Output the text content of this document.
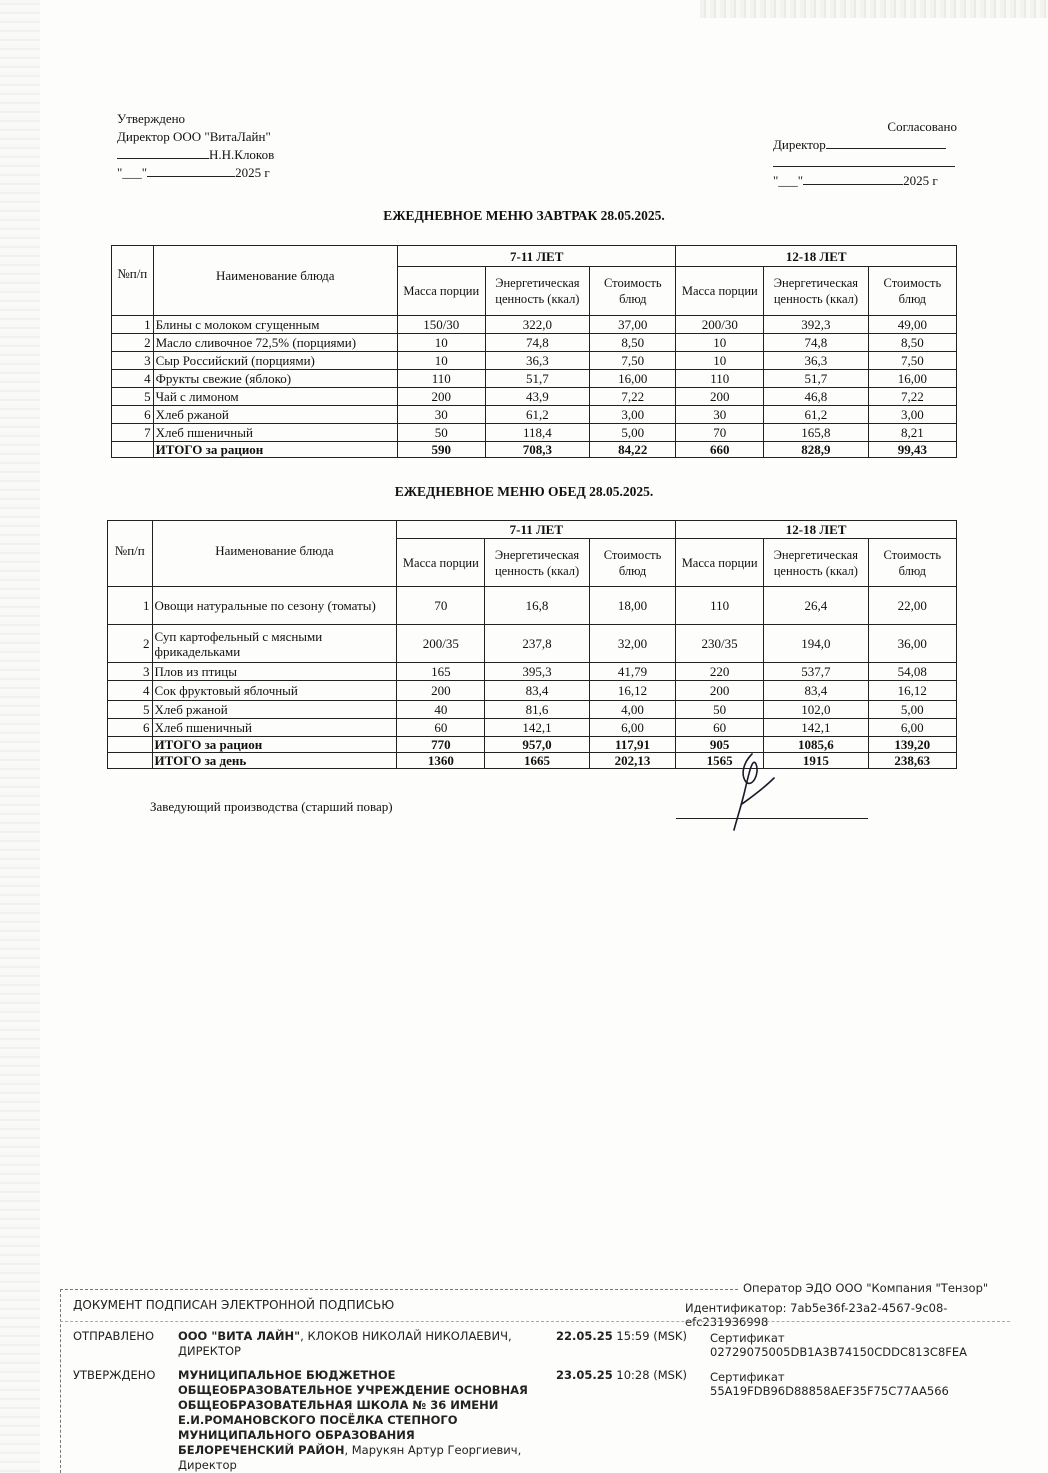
Утверждено
Директор ООО "ВитаЛайн"
Н.Н.Клоков
"___"	2025 г
Согласовано
Директор
"___"	2025 г
ЕЖЕДНЕВНОЕ МЕНЮ ЗАВТРАК 28.05.2025.
№п/п	Наименование блюда	7-11 ЛЕТ			12-18 ЛЕТ		
		Масса порции	Энергетическая ценность (ккал)	Стоимость блюд	Масса порции	Энергетическая ценность (ккал)	Стоимость блюд
1	Блины с молоком сгущенным	150/30	322,0	37,00	200/30	392,3	49,00
2	Масло сливочное 72,5% (порциями)	10	74,8	8,50	10	74,8	8,50
3	Сыр Российский (порциями)	10	36,3	7,50	10	36,3	7,50
4	Фрукты свежие (яблоко)	110	51,7	16,00	110	51,7	16,00
5	Чай с лимоном	200	43,9	7,22	200	46,8	7,22
6	Хлеб ржаной	30	61,2	3,00	30	61,2	3,00
7	Хлеб пшеничный	50	118,4	5,00	70	165,8	8,21
	ИТОГО за рацион	590	708,3	84,22	660	828,9	99,43
ЕЖЕДНЕВНОЕ МЕНЮ ОБЕД 28.05.2025.
№п/п	Наименование блюда	7-11 ЛЕТ			12-18 ЛЕТ		
		Масса порции	Энергетическая ценность (ккал)	Стоимость блюд	Масса порции	Энергетическая ценность (ккал)	Стоимость блюд
1	Овощи натуральные по сезону (томаты)	70	16,8	18,00	110	26,4	22,00
2	Суп картофельный с мясными фрикадельками	200/35	237,8	32,00	230/35	194,0	36,00
3	Плов из птицы	165	395,3	41,79	220	537,7	54,08
4	Сок фруктовый яблочный	200	83,4	16,12	200	83,4	16,12
5	Хлеб ржаной	40	81,6	4,00	50	102,0	5,00
6	Хлеб пшеничный	60	142,1	6,00	60	142,1	6,00
	ИТОГО за рацион	770	957,0	117,91	905	1085,6	139,20
	ИТОГО за день	1360	1665	202,13	1565	1915	238,63
Заведующий производства (старший повар)
Оператор ЭДО ООО "Компания "Тензор"
ДОКУМЕНТ ПОДПИСАН ЭЛЕКТРОННОЙ ПОДПИСЬЮ	Идентификатор: 7ab5e36f-23a2-4567-9c08-efc231936998
ОТПРАВЛЕНО ООО "ВИТА ЛАЙН", КЛОКОВ НИКОЛАЙ НИКОЛАЕВИЧ, ДИРЕКТОР
22.05.25 15:59 (MSK) Сертификат 02729075005DB1A3B74150CDDC813C8FEA
УТВЕРЖДЕНО МУНИЦИПАЛЬНОЕ БЮДЖЕТНОЕ ОБЩЕОБРАЗОВАТЕЛЬНОЕ УЧРЕЖДЕНИЕ ОСНОВНАЯ ОБЩЕОБРАЗОВАТЕЛЬНАЯ ШКОЛА № 36 ИМЕНИ Е.И.РОМАНОВСКОГО ПОСЁЛКА СТЕПНОГО МУНИЦИПАЛЬНОГО ОБРАЗОВАНИЯ БЕЛОРЕЧЕНСКИЙ РАЙОН, Марукян Артур Георгиевич, Директор
23.05.25 10:28 (MSK) Сертификат 55A19FDB96D88858AEF35F75C77AA566
